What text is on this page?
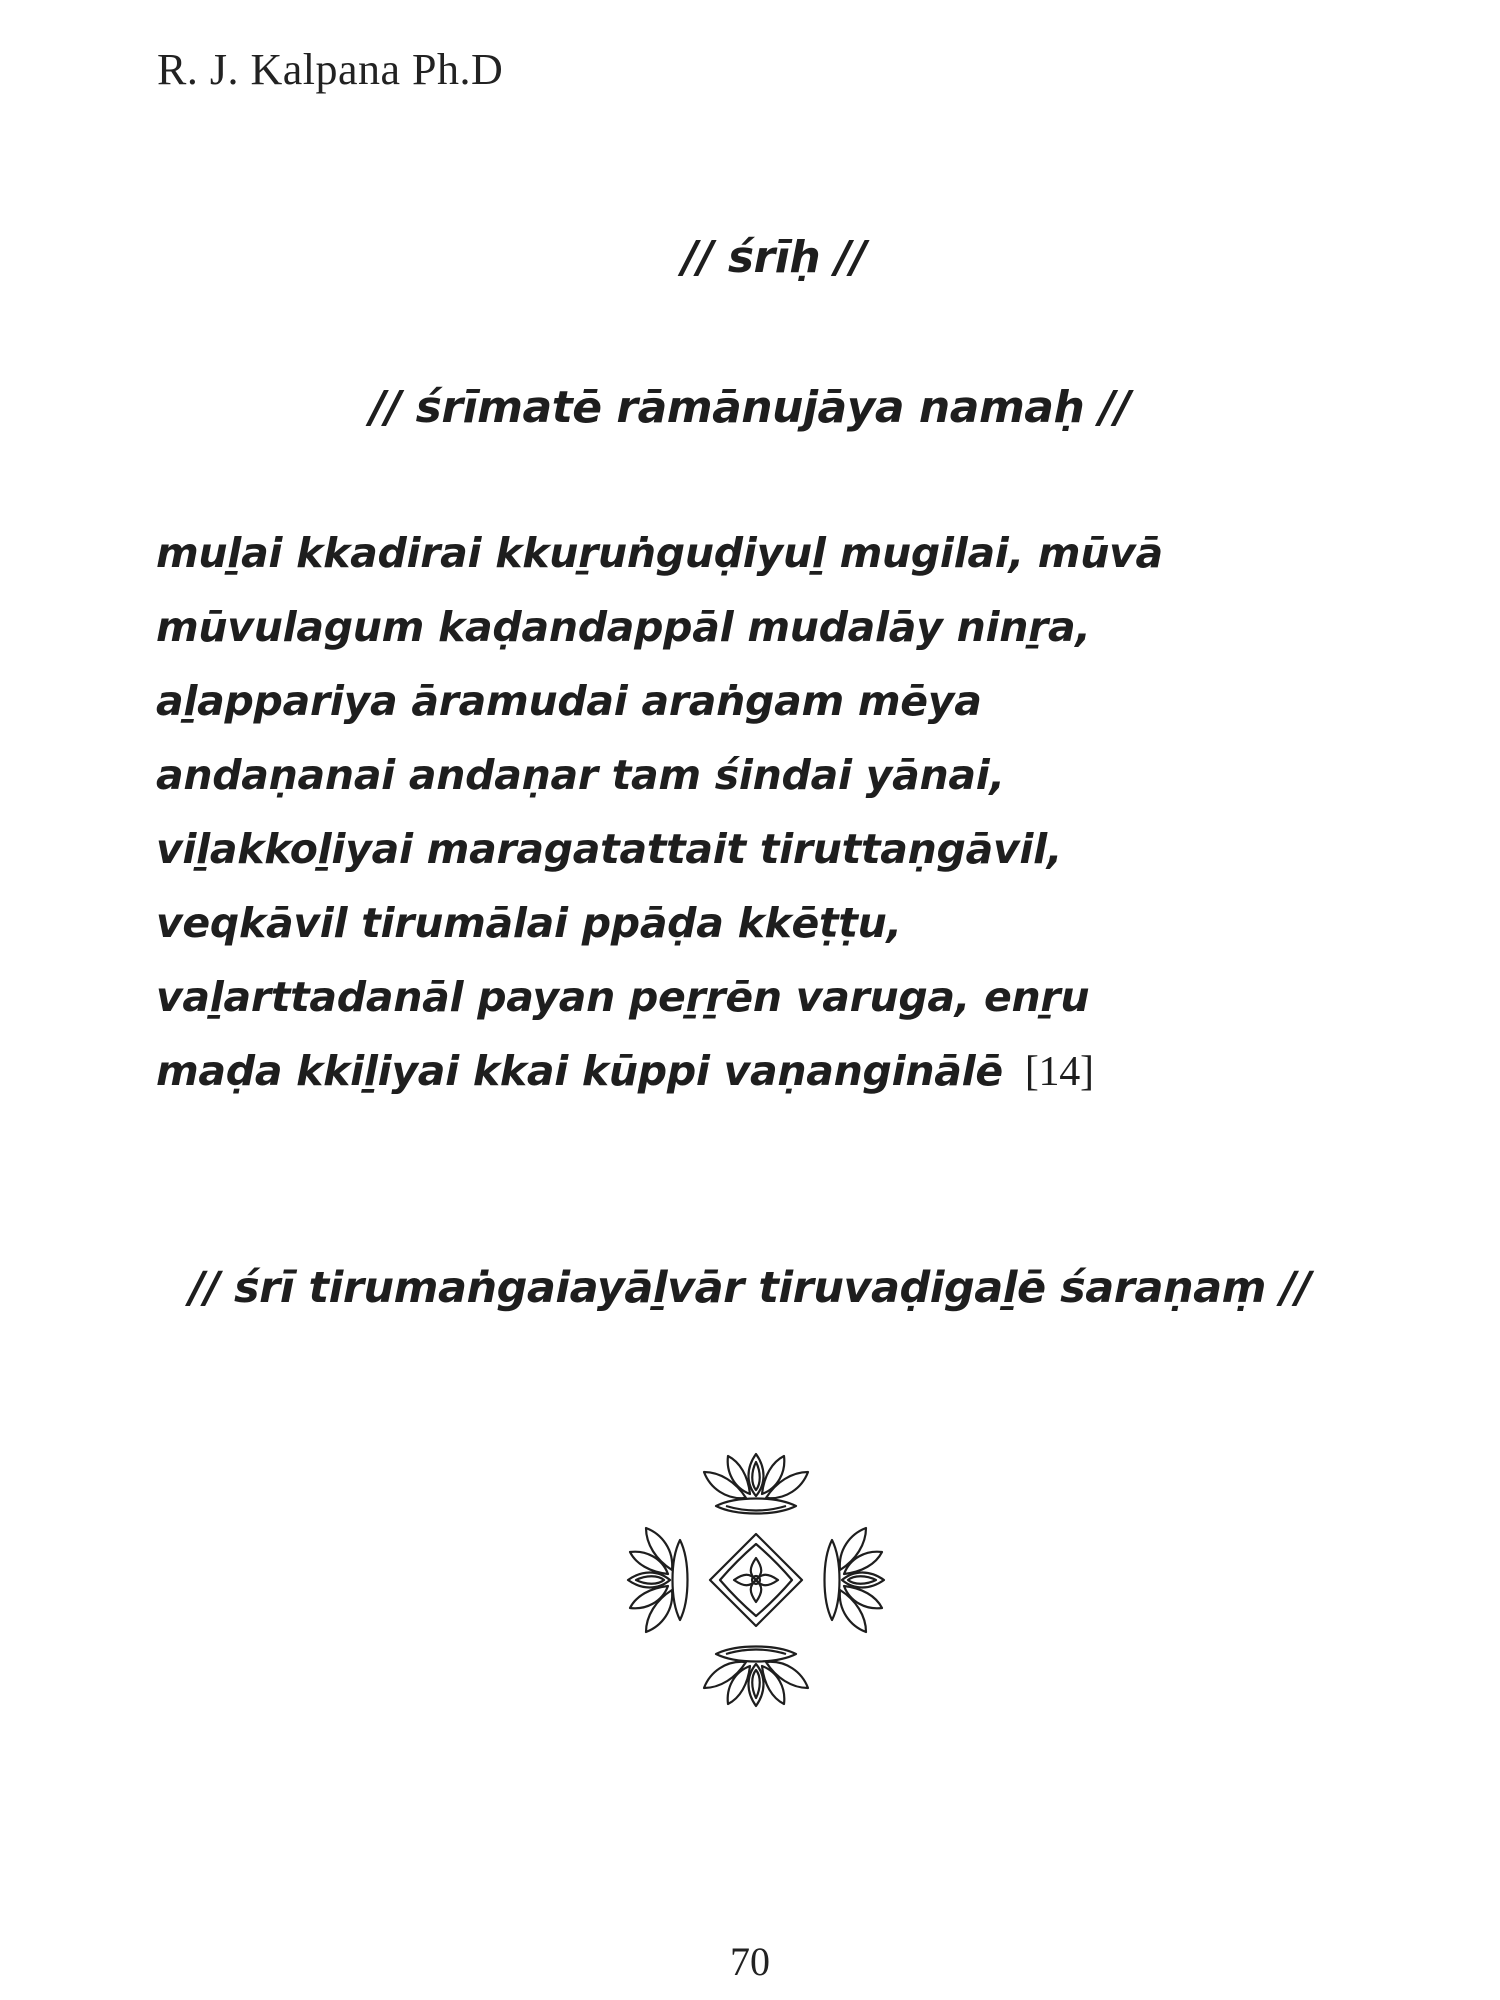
R. J. Kalpana Ph.D
// śrīḥ //
// śrīmatē rāmānujāya namaḥ //
muḻai kkadirai kkuṟuṅguḍiyuḻ mugilai, mūvā
mūvulagum kaḍandappāl mudalāy ninṟa,
aḻappariya āramudai araṅgam mēya
andaṇanai andaṇar tam śindai yānai,
viḻakkoḻiyai maragatattait tiruttaṇgāvil,
veqkāvil tirumālai ppāḍa kkēṭṭu,
vaḻarttadanāl payan peṟṟēn varuga, enṟu
maḍa kkiḻiyai kkai kūppi vaṇanginālē [14]
// śrī tirumaṅgaiayāḻvār tiruvaḍigaḻē śaraṇaṃ //
70
